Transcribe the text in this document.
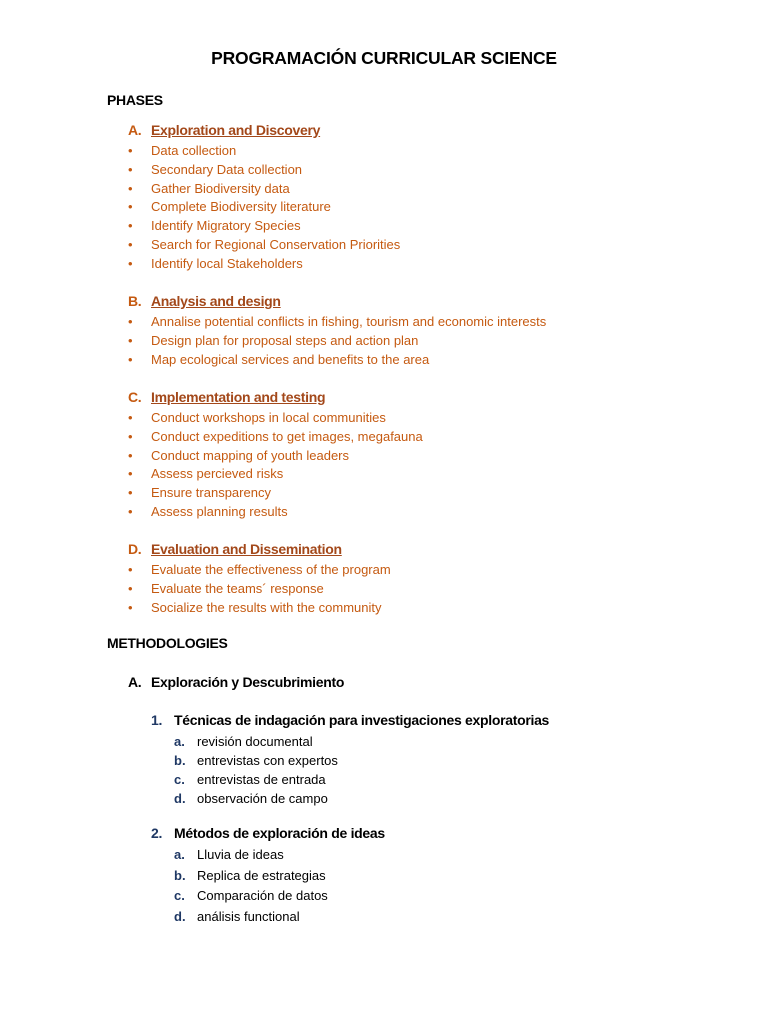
PROGRAMACIÓN CURRICULAR SCIENCE
PHASES
A. Exploration and Discovery
• Data collection
• Secondary Data collection
• Gather Biodiversity data
• Complete Biodiversity literature
• Identify Migratory Species
• Search for Regional Conservation Priorities
• Identify local Stakeholders
B. Analysis and design
• Annalise potential conflicts in fishing, tourism and economic interests
• Design plan for proposal steps and action plan
• Map ecological services and benefits to the area
C. Implementation and testing
• Conduct workshops in local communities
• Conduct expeditions to get images, megafauna
• Conduct mapping of youth leaders
• Assess percieved risks
• Ensure transparency
• Assess planning results
D. Evaluation and Dissemination
• Evaluate the effectiveness of the program
• Evaluate the teams´ response
• Socialize the results with the community
METHODOLOGIES
A. Exploración y Descubrimiento
1. Técnicas de indagación para investigaciones exploratorias
a. revisión documental
b. entrevistas con expertos
c. entrevistas de entrada
d. observación de campo
2. Métodos de exploración de ideas
a. Lluvia de ideas
b. Replica de estrategias
c. Comparación de datos
d. análisis functional
